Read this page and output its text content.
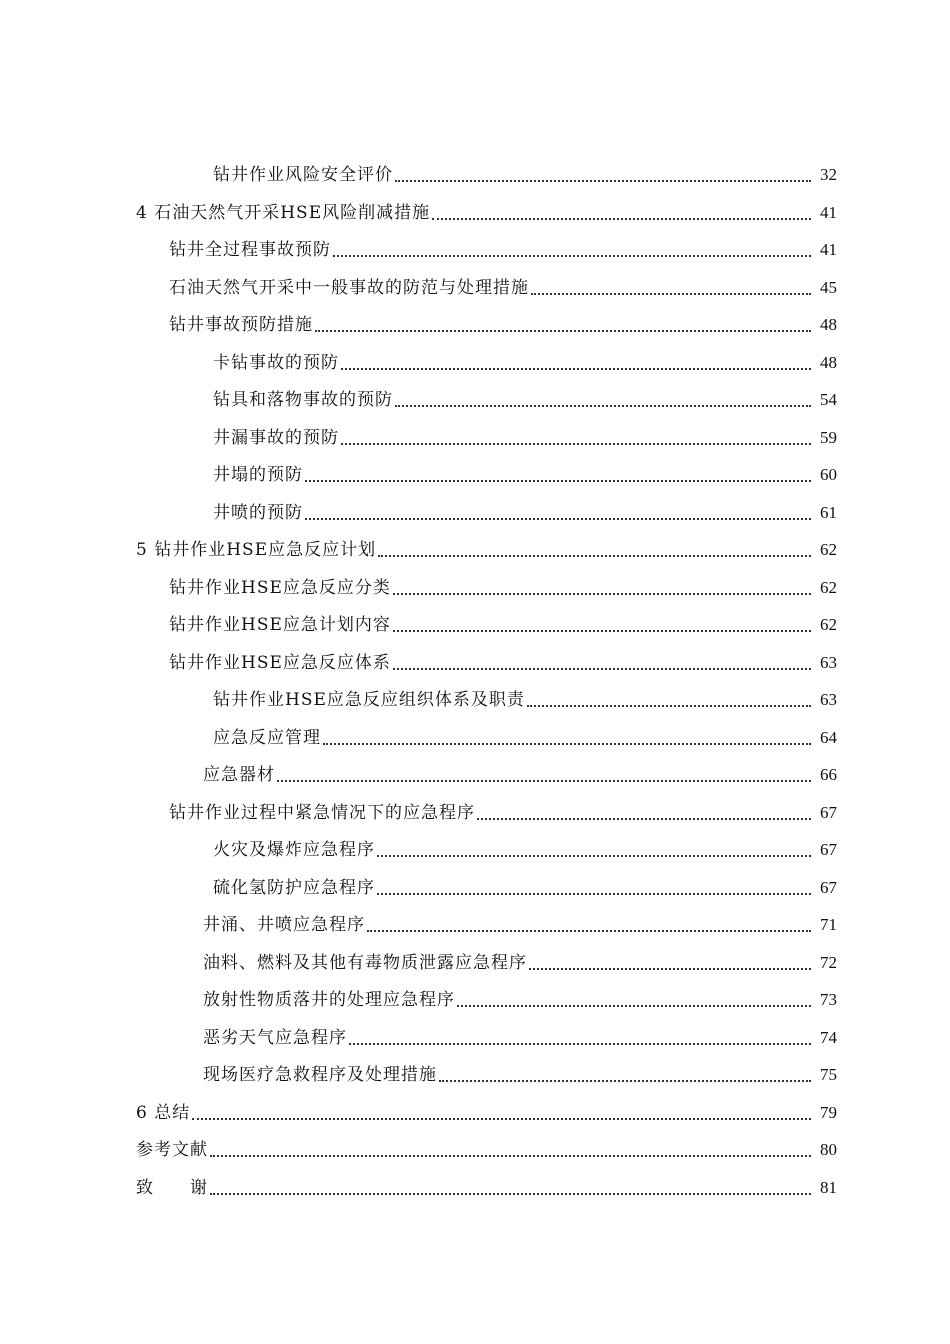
钻井作业风险安全评价	32
4 石油天然气开采HSE风险削减措施	41
钻井全过程事故预防	41
石油天然气开采中一般事故的防范与处理措施	45
钻井事故预防措施	48
卡钻事故的预防	48
钻具和落物事故的预防	54
井漏事故的预防	59
井塌的预防	60
井喷的预防	61
5 钻井作业HSE应急反应计划	62
钻井作业HSE应急反应分类	62
钻井作业HSE应急计划内容	62
钻井作业HSE应急反应体系	63
钻井作业HSE应急反应组织体系及职责	63
应急反应管理	64
应急器材	66
钻井作业过程中紧急情况下的应急程序	67
火灾及爆炸应急程序	67
硫化氢防护应急程序	67
井涌、井喷应急程序	71
油料、燃料及其他有毒物质泄露应急程序	72
放射性物质落井的处理应急程序	73
恶劣天气应急程序	74
现场医疗急救程序及处理措施	75
6 总结	79
参考文献	80
致　　谢	81
